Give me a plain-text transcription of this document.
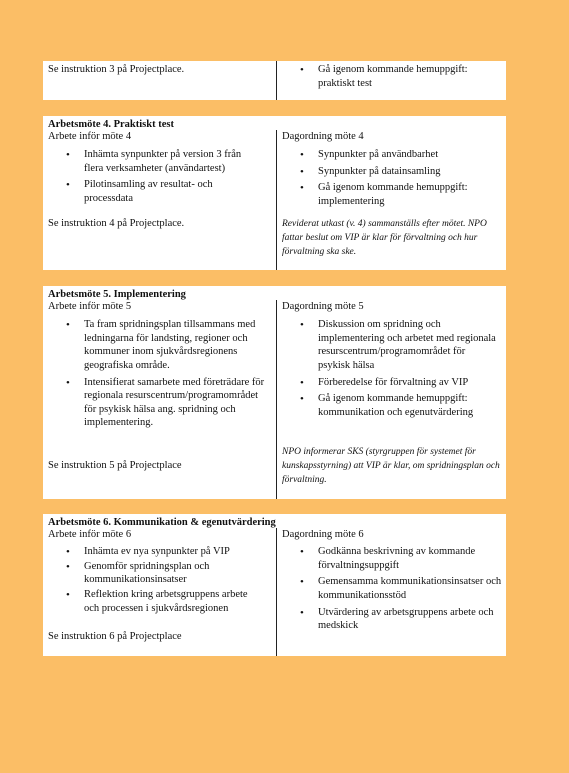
Se instruktion 3 på Projectplace.	• Gå igenom kommande hemuppgift: praktiskt test
Arbetsmöte 4. Praktiskt test
Arbete inför möte 4
• Inhämta synpunkter på version 3 från flera verksamheter (användartest)
• Pilotinsamling av resultat- och processdata
Se instruktion 4 på Projectplace.
Dagordning möte 4
• Synpunkter på användbarhet
• Synpunkter på datainsamling
• Gå igenom kommande hemuppgift: implementering
Reviderat utkast (v. 4) sammanställs efter mötet. NPO fattar beslut om VIP är klar för förvaltning och hur förvaltning ska ske.
Arbetsmöte 5. Implementering
Arbete inför möte 5
• Ta fram spridningsplan tillsammans med ledningarna för landsting, regioner och kommuner inom sjukvårdsregionens geografiska område.
• Intensifierat samarbete med företrädare för regionala resurscentrum/programområdet för psykisk hälsa ang. spridning och implementering.
Se instruktion 5 på Projectplace
Dagordning möte 5
• Diskussion om spridning och implementering och arbetet med regionala resurscentrum/programområdet för psykisk hälsa
• Förberedelse för förvaltning av VIP
• Gå igenom kommande hemuppgift: kommunikation och egenutvärdering
NPO informerar SKS (styrgruppen för systemet för kunskapsstyrning) att VIP är klar, om spridningsplan och förvaltning.
Arbetsmöte 6. Kommunikation & egenutvärdering
Arbete inför möte 6
• Inhämta ev nya synpunkter på VIP
• Genomför spridningsplan och kommunikationsinsatser
• Reflektion kring arbetsgruppens arbete och processen i sjukvårdsregionen
Se instruktion 6 på Projectplace
Dagordning möte 6
• Godkänna beskrivning av kommande förvaltningsuppgift
• Gemensamma kommunikationsinsatser och kommunikationsstöd
• Utvärdering av arbetsgruppens arbete och medskick
